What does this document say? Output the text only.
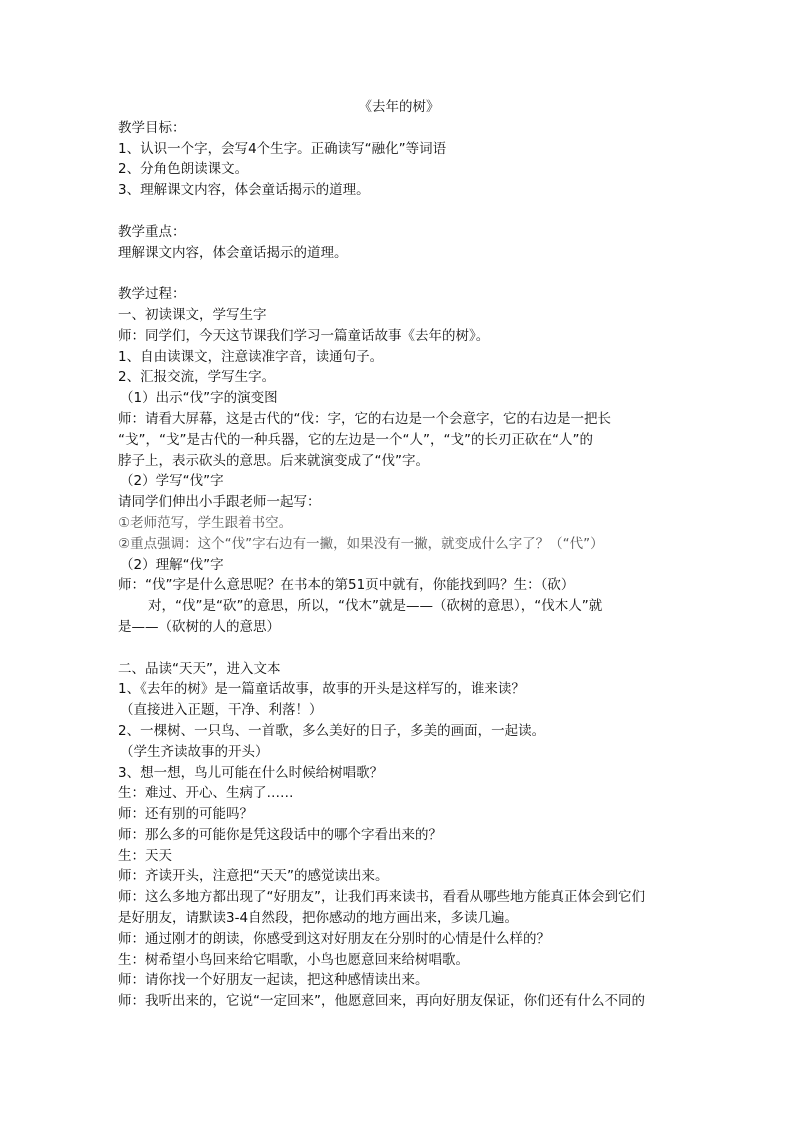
《去年的树》
教学目标：
1、认识一个字，会写4个生字。正确读写“融化”等词语
2、分角色朗读课文。
3、理解课文内容，体会童话揭示的道理。
教学重点：
理解课文内容，体会童话揭示的道理。
教学过程：
一、初读课文，学写生字
师：同学们，今天这节课我们学习一篇童话故事《去年的树》。
1、自由读课文，注意读准字音，读通句子。
2、汇报交流，学写生字。
（1）出示“伐”字的演变图
师：请看大屏幕，这是古代的“伐：字，它的右边是一个会意字，它的右边是一把长
“戈”，“戈”是古代的一种兵器，它的左边是一个“人”，“戈”的长刃正砍在“人”的
脖子上，表示砍头的意思。后来就演变成了“伐”字。
（2）学写“伐”字
请同学们伸出小手跟老师一起写：
①老师范写，学生跟着书空。
②重点强调：这个“伐”字右边有一撇，如果没有一撇，就变成什么字了？（“代”）
（2）理解“伐”字
师：“伐”字是什么意思呢？在书本的第51页中就有，你能找到吗？生：（砍）
对，“伐”是“砍”的意思，所以，“伐木”就是——（砍树的意思），“伐木人”就
是——（砍树的人的意思）
二、品读“天天”，进入文本
1、《去年的树》是一篇童话故事，故事的开头是这样写的，谁来读？
（直接进入正题，干净、利落！）
2、一棵树、一只鸟、一首歌，多么美好的日子，多美的画面，一起读。
（学生齐读故事的开头）
3、想一想，鸟儿可能在什么时候给树唱歌？
生：难过、开心、生病了……
师：还有别的可能吗？
师：那么多的可能你是凭这段话中的哪个字看出来的？
生：天天
师：齐读开头，注意把“天天”的感觉读出来。
师：这么多地方都出现了“好朋友”，让我们再来读书，看看从哪些地方能真正体会到它们
是好朋友，请默读3-4自然段，把你感动的地方画出来，多读几遍。
师：通过刚才的朗读，你感受到这对好朋友在分别时的心情是什么样的？
生：树希望小鸟回来给它唱歌，小鸟也愿意回来给树唱歌。
师：请你找一个好朋友一起读，把这种感情读出来。
师：我听出来的，它说“一定回来”，他愿意回来，再向好朋友保证，你们还有什么不同的
